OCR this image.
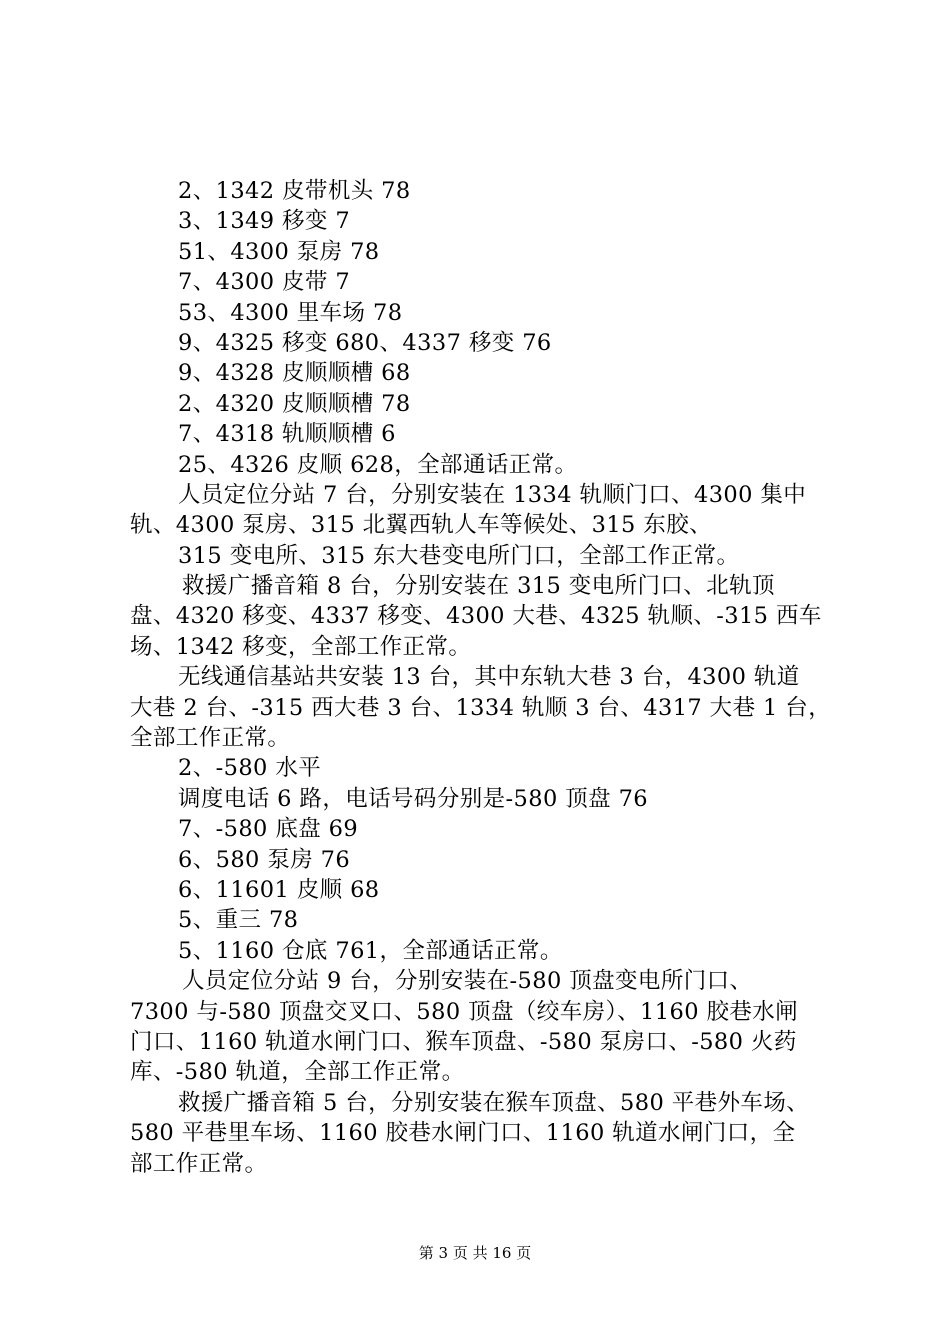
2、1342 皮带机头 78
3、1349 移变 7
51、4300 泵房 78
7、4300 皮带 7
53、4300 里车场 78
9、4325 移变 680、4337 移变 76
9、4328 皮顺顺槽 68
2、4320 皮顺顺槽 78
7、4318 轨顺顺槽 6
25、4326 皮顺 628，全部通话正常。
人员定位分站 7 台，分别安装在 1334 轨顺门口、4300 集中
轨、4300 泵房、315 北翼西轨人车等候处、315 东胶、
315 变电所、315 东大巷变电所门口，全部工作正常。
救援广播音箱 8 台，分别安装在 315 变电所门口、北轨顶
盘、4320 移变、4337 移变、4300 大巷、4325 轨顺、-315 西车
场、1342 移变，全部工作正常。
无线通信基站共安装 13 台，其中东轨大巷 3 台，4300 轨道
大巷 2 台、-315 西大巷 3 台、1334 轨顺 3 台、4317 大巷 1 台，
全部工作正常。
2、-580 水平
调度电话 6 路，电话号码分别是-580 顶盘 76
7、-580 底盘 69
6、580 泵房 76
6、11601 皮顺 68
5、重三 78
5、1160 仓底 761，全部通话正常。
人员定位分站 9 台，分别安装在-580 顶盘变电所门口、
7300 与-580 顶盘交叉口、580 顶盘（绞车房）、1160 胶巷水闸
门口、1160 轨道水闸门口、猴车顶盘、-580 泵房口、-580 火药
库、-580 轨道，全部工作正常。
救援广播音箱 5 台，分别安装在猴车顶盘、580 平巷外车场、
580 平巷里车场、1160 胶巷水闸门口、1160 轨道水闸门口，全
部工作正常。
第 3 页 共 16 页
